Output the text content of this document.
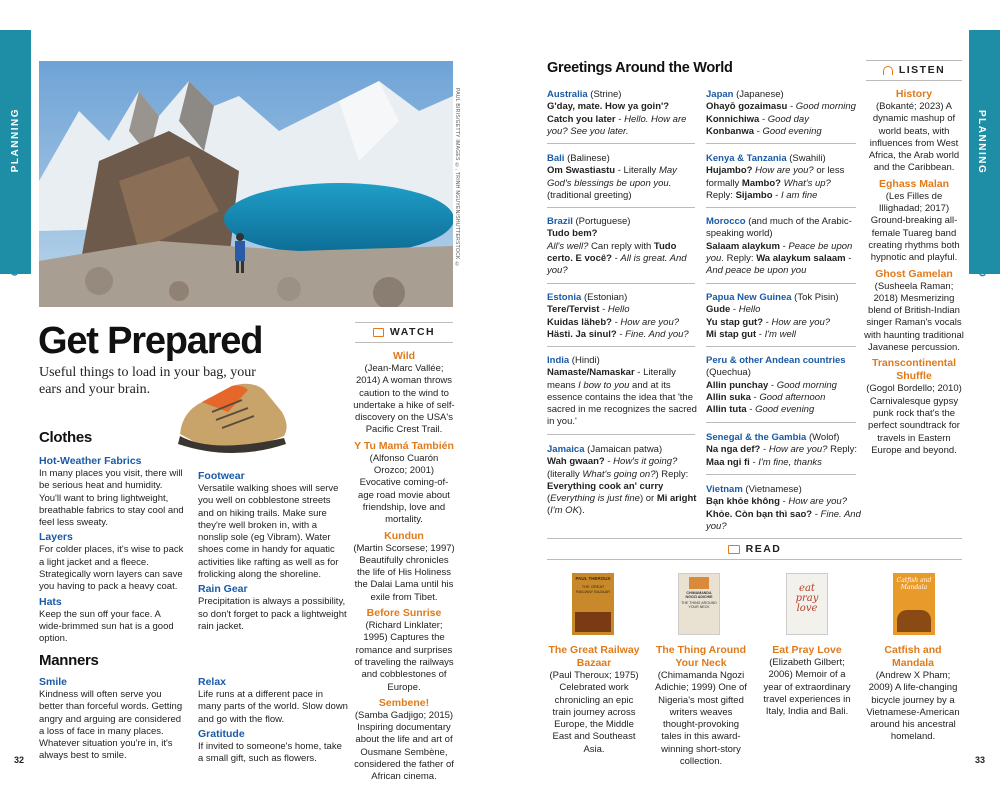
PLANNING
GET PREPARED
PLANNING
GET PREPARED
32	33
PAUL BIRIS/GETTY IMAGES ©, TRINH NGUYEN/SHUTTERSTOCK ©
Get Prepared
Useful things to load in your bag, your ears and your brain.
Clothes
Hot-Weather Fabrics
In many places you visit, there will be serious heat and humidity. You'll want to bring lightweight, breathable fabrics to stay cool and feel less sweaty.
Layers
For colder places, it's wise to pack a light jacket and a fleece. Strategically worn layers can save you having to pack a heavy coat.
Hats
Keep the sun off your face. A wide-brimmed sun hat is a good option.
Footwear
Versatile walking shoes will serve you well on cobblestone streets and on hiking trails. Make sure they're well broken in, with a nonslip sole (eg Vibram). Water shoes come in handy for aquatic activities like rafting as well as for frolicking along the shoreline.
Rain Gear
Precipitation is always a possibility, so don't forget to pack a lightweight rain jacket.
Manners
Smile
Kindness will often serve you better than forceful words. Getting angry and arguing are considered a loss of face in many places. Whatever situation you're in, it's always best to smile.
Relax
Life runs at a different pace in many parts of the world. Slow down and go with the flow.
Gratitude
If invited to someone's home, take a small gift, such as flowers.
WATCH
Wild
(Jean-Marc Vallée; 2014) A woman throws caution to the wind to undertake a hike of self-discovery on the USA's Pacific Crest Trail.
Y Tu Mamá También
(Alfonso Cuarón Orozco; 2001) Evocative coming-of-age road movie about friendship, love and mortality.
Kundun
(Martin Scorsese; 1997) Beautifully chronicles the life of His Holiness the Dalai Lama until his exile from Tibet.
Before Sunrise
(Richard Linklater; 1995) Captures the romance and surprises of traveling the railways and cobblestones of Europe.
Sembene!
(Samba Gadjigo; 2015) Inspiring documentary about the life and art of Ousmane Sembène, considered the father of African cinema.
Greetings Around the World
Australia (Strine)
G'day, mate. How ya goin'? Catch you later - Hello. How are you? See you later.
Bali (Balinese)
Om Swastiastu - Literally May God's blessings be upon you. (traditional greeting)
Brazil (Portuguese)
Tudo bem?
All's well? Can reply with Tudo certo. E você? - All is great. And you?
Estonia (Estonian)
Tere/Tervist - Hello
Kuidas läheb? - How are you?
Hästi. Ja sinul? - Fine. And you?
India (Hindi)
Namaste/Namaskar - Literally means I bow to you and at its essence contains the idea that 'the sacred in me recognizes the sacred in you.'
Jamaica (Jamaican patwa)
Wah gwaan? - How's it going? (literally What's going on?) Reply: Everything cook an' curry (Everything is just fine) or Mi aright (I'm OK).
Japan (Japanese)
Ohayō gozaimasu - Good morning
Konnichiwa - Good day
Konbanwa - Good evening
Kenya & Tanzania (Swahili)
Hujambo? How are you? or less formally Mambo? What's up? Reply: Sijambo - I am fine
Morocco (and much of the Arabic-speaking world)
Salaam alaykum - Peace be upon you. Reply: Wa alaykum salaam - And peace be upon you
Papua New Guinea (Tok Pisin)
Gude - Hello
Yu stap gut? - How are you?
Mi stap gut - I'm well
Peru & other Andean countries (Quechua)
Allin punchay - Good morning
Allin suka - Good afternoon
Allin tuta - Good evening
Senegal & the Gambia (Wolof)
Na nga def? - How are you? Reply: Maa ngi fi - I'm fine, thanks
Vietnam (Vietnamese)
Bạn khỏe không - How are you?
Khỏe. Còn bạn thì sao? - Fine. And you?
LISTEN
History
(Bokanté; 2023) A dynamic mashup of world beats, with influences from West Africa, the Arab world and the Caribbean.
Eghass Malan
(Les Filles de Illighadad; 2017) Ground-breaking all-female Tuareg band creating rhythms both hypnotic and playful.
Ghost Gamelan
(Susheela Raman; 2018) Mesmerizing blend of British-Indian singer Raman's vocals with haunting traditional Javanese percussion.
Transcontinental Shuffle
(Gogol Bordello; 2010) Carnivalesque gypsy punk rock that's the perfect soundtrack for travels in Eastern Europe and beyond.
READ
PAUL THEROUX
THE GREAT RAILWAY BAZAAR	CHIMAMANDA NGOZI ADICHIE
THE THING AROUND YOUR NECK
eat pray love
Catfish and Mandala
The Great Railway Bazaar
(Paul Theroux; 1975) Celebrated work chronicling an epic train journey across Europe, the Middle East and Southeast Asia.
The Thing Around Your Neck
(Chimamanda Ngozi Adichie; 1999) One of Nigeria's most gifted writers weaves thought-provoking tales in this award-winning short-story collection.
Eat Pray Love
(Elizabeth Gilbert; 2006) Memoir of a year of extraordinary travel experiences in Italy, India and Bali.
Catfish and Mandala
(Andrew X Pham; 2009) A life-changing bicycle journey by a Vietnamese-American around his ancestral homeland.
